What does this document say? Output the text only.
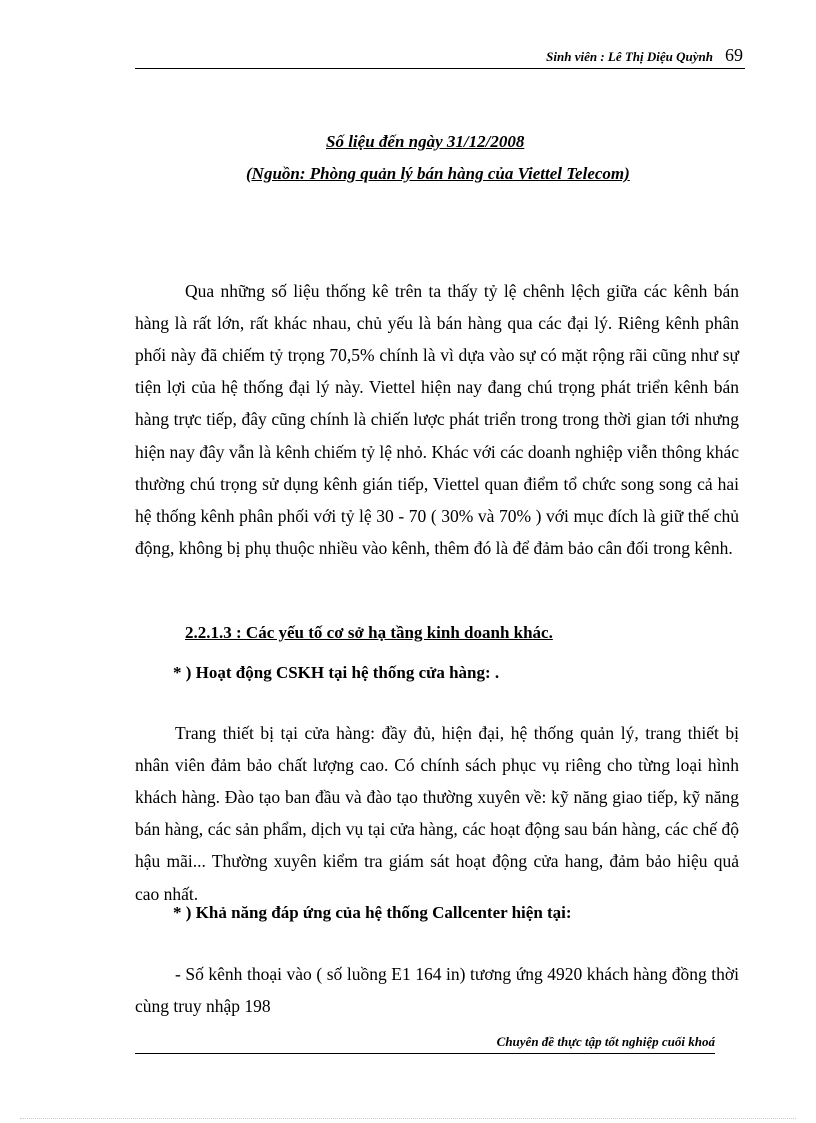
Sinh viên : Lê Thị Diệu Quỳnh 69
Số liệu đến ngày 31/12/2008
(Nguồn: Phòng quản lý bán hàng của Viettel Telecom)

Qua những số liệu thống kê trên ta thấy tỷ lệ chênh lệch giữa các kênh bán hàng là rất lớn, rất khác nhau, chủ yếu là bán hàng qua các đại lý. Riêng kênh phân phối này đã chiếm tỷ trọng 70,5% chính là vì dựa vào sự có mặt rộng rãi cũng như sự tiện lợi của hệ thống đại lý này. Viettel hiện nay đang chú trọng phát triển kênh bán hàng trực tiếp, đây cũng chính là chiến lược phát triển trong trong thời gian tới nhưng hiện nay đây vẫn là kênh chiếm tỷ lệ nhỏ. Khác với các doanh nghiệp viễn thông khác thường chú trọng sử dụng kênh gián tiếp, Viettel quan điểm tổ chức song song cả hai hệ thống kênh phân phối với tỷ lệ 30 - 70 ( 30% và 70% ) với mục đích là giữ thế chủ động, không bị phụ thuộc nhiều vào kênh, thêm đó là để đảm bảo cân đối trong kênh.

2.2.1.3 : Các yếu tố cơ sở hạ tầng kinh doanh khác.
* ) Hoạt động CSKH tại hệ thống cửa hàng: .

Trang thiết bị tại cửa hàng: đầy đủ, hiện đại, hệ thống quản lý, trang thiết bị nhân viên đảm bảo chất lượng cao. Có chính sách phục vụ riêng cho từng loại hình khách hàng. Đào tạo ban đầu và đào tạo thường xuyên về: kỹ năng giao tiếp, kỹ năng bán hàng, các sản phẩm, dịch vụ tại cửa hàng, các hoạt động sau bán hàng, các chế độ hậu mãi... Thường xuyên kiểm tra giám sát hoạt động cửa hang, đảm bảo hiệu quả cao nhất.

* ) Khả năng đáp ứng của hệ thống Callcenter hiện tại:

- Số kênh thoại vào ( số luồng E1 164 in) tương ứng 4920 khách hàng đồng thời cùng truy nhập 198

Chuyên đề thực tập tốt nghiệp cuối khoá
